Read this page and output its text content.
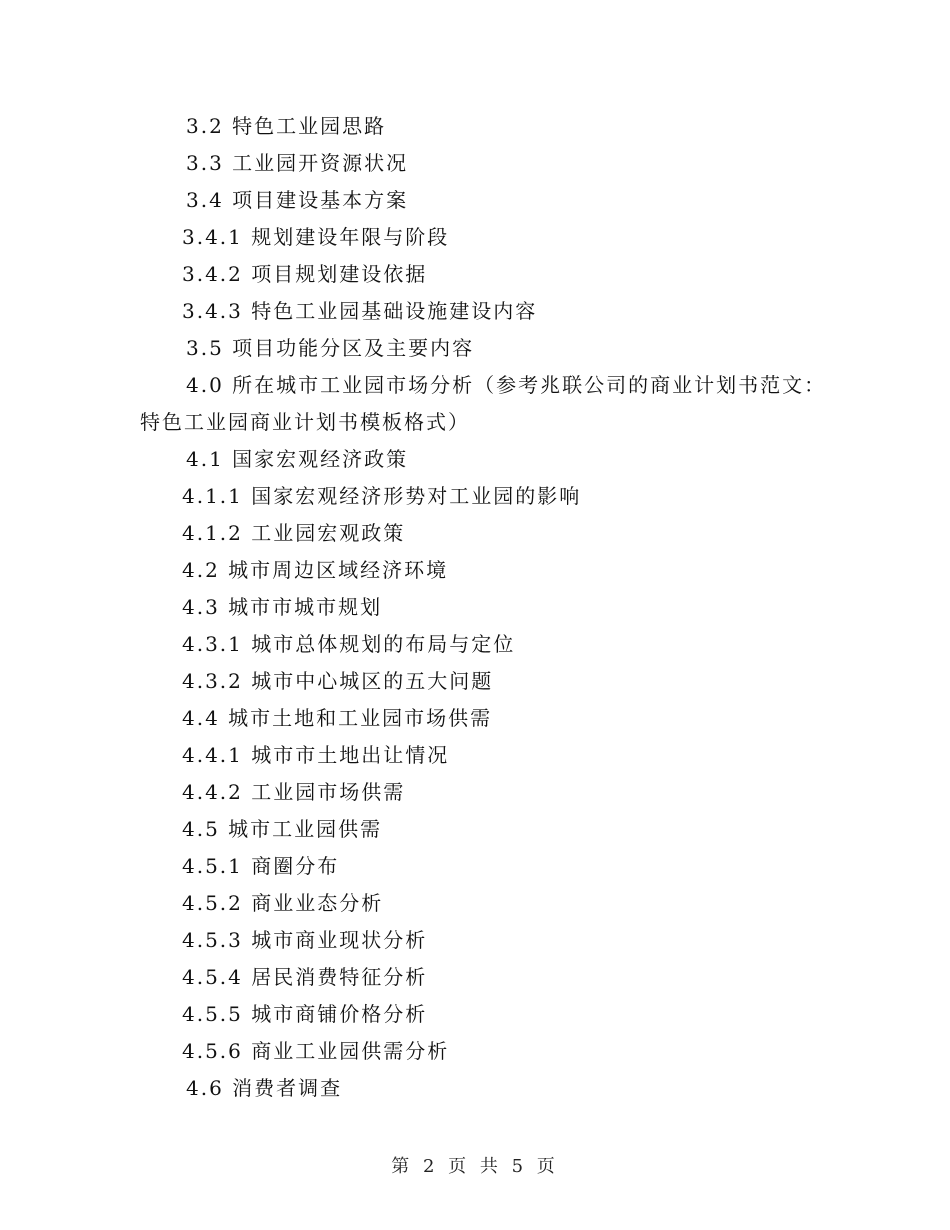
3.2 特色工业园思路
3.3 工业园开资源状况
3.4 项目建设基本方案
3.4.1 规划建设年限与阶段
3.4.2 项目规划建设依据
3.4.3 特色工业园基础设施建设内容
3.5 项目功能分区及主要内容
4.0 所在城市工业园市场分析（参考兆联公司的商业计划书范文：
特色工业园商业计划书模板格式）
4.1 国家宏观经济政策
4.1.1 国家宏观经济形势对工业园的影响
4.1.2 工业园宏观政策
4.2 城市周边区域经济环境
4.3 城市市城市规划
4.3.1 城市总体规划的布局与定位
4.3.2 城市中心城区的五大问题
4.4 城市土地和工业园市场供需
4.4.1 城市市土地出让情况
4.4.2 工业园市场供需
4.5 城市工业园供需
4.5.1 商圈分布
4.5.2 商业业态分析
4.5.3 城市商业现状分析
4.5.4 居民消费特征分析
4.5.5 城市商铺价格分析
4.5.6 商业工业园供需分析
4.6 消费者调查
第 2 页 共 5 页
